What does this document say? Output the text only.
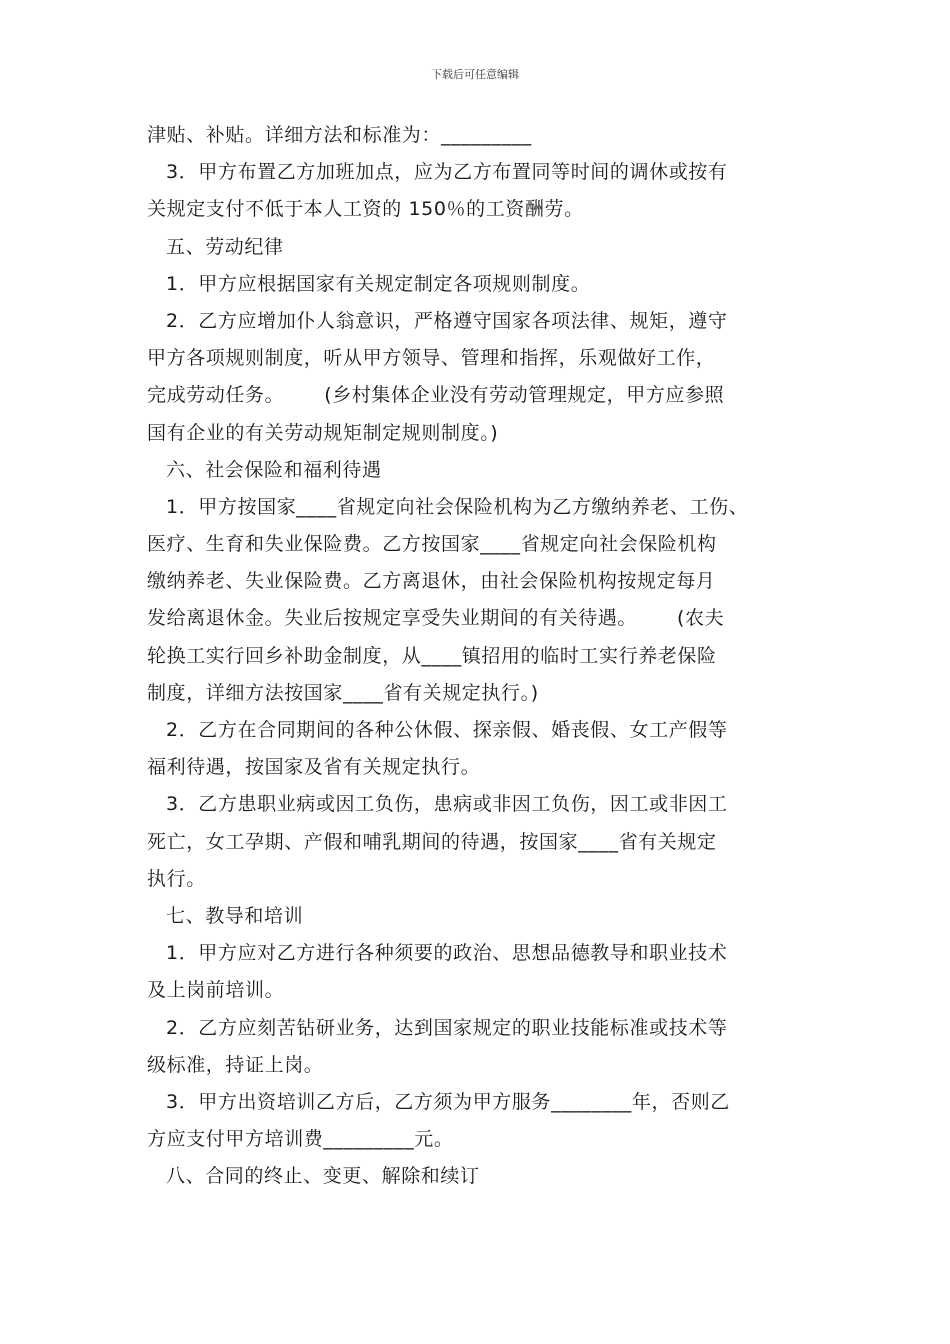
下载后可任意编辑
津贴、补贴。详细方法和标准为：_________
3．甲方布置乙方加班加点，应为乙方布置同等时间的调休或按有
关规定支付不低于本人工资的 150％的工资酬劳。
五、劳动纪律
1．甲方应根据国家有关规定制定各项规则制度。
2．乙方应增加仆人翁意识，严格遵守国家各项法律、规矩，遵守
甲方各项规则制度，听从甲方领导、管理和指挥，乐观做好工作，
完成劳动任务。 (乡村集体企业没有劳动管理规定，甲方应参照
国有企业的有关劳动规矩制定规则制度。)
六、社会保险和福利待遇
1．甲方按国家____省规定向社会保险机构为乙方缴纳养老、工伤、
医疗、生育和失业保险费。乙方按国家____省规定向社会保险机构
缴纳养老、失业保险费。乙方离退休，由社会保险机构按规定每月
发给离退休金。失业后按规定享受失业期间的有关待遇。 (农夫
轮换工实行回乡补助金制度，从____镇招用的临时工实行养老保险
制度，详细方法按国家____省有关规定执行。)
2．乙方在合同期间的各种公休假、探亲假、婚丧假、女工产假等
福利待遇，按国家及省有关规定执行。
3．乙方患职业病或因工负伤，患病或非因工负伤，因工或非因工
死亡，女工孕期、产假和哺乳期间的待遇，按国家____省有关规定
执行。
七、教导和培训
1．甲方应对乙方进行各种须要的政治、思想品德教导和职业技术
及上岗前培训。
2．乙方应刻苦钻研业务，达到国家规定的职业技能标准或技术等
级标准，持证上岗。
3．甲方出资培训乙方后，乙方须为甲方服务________年，否则乙
方应支付甲方培训费_________元。
八、合同的终止、变更、解除和续订
